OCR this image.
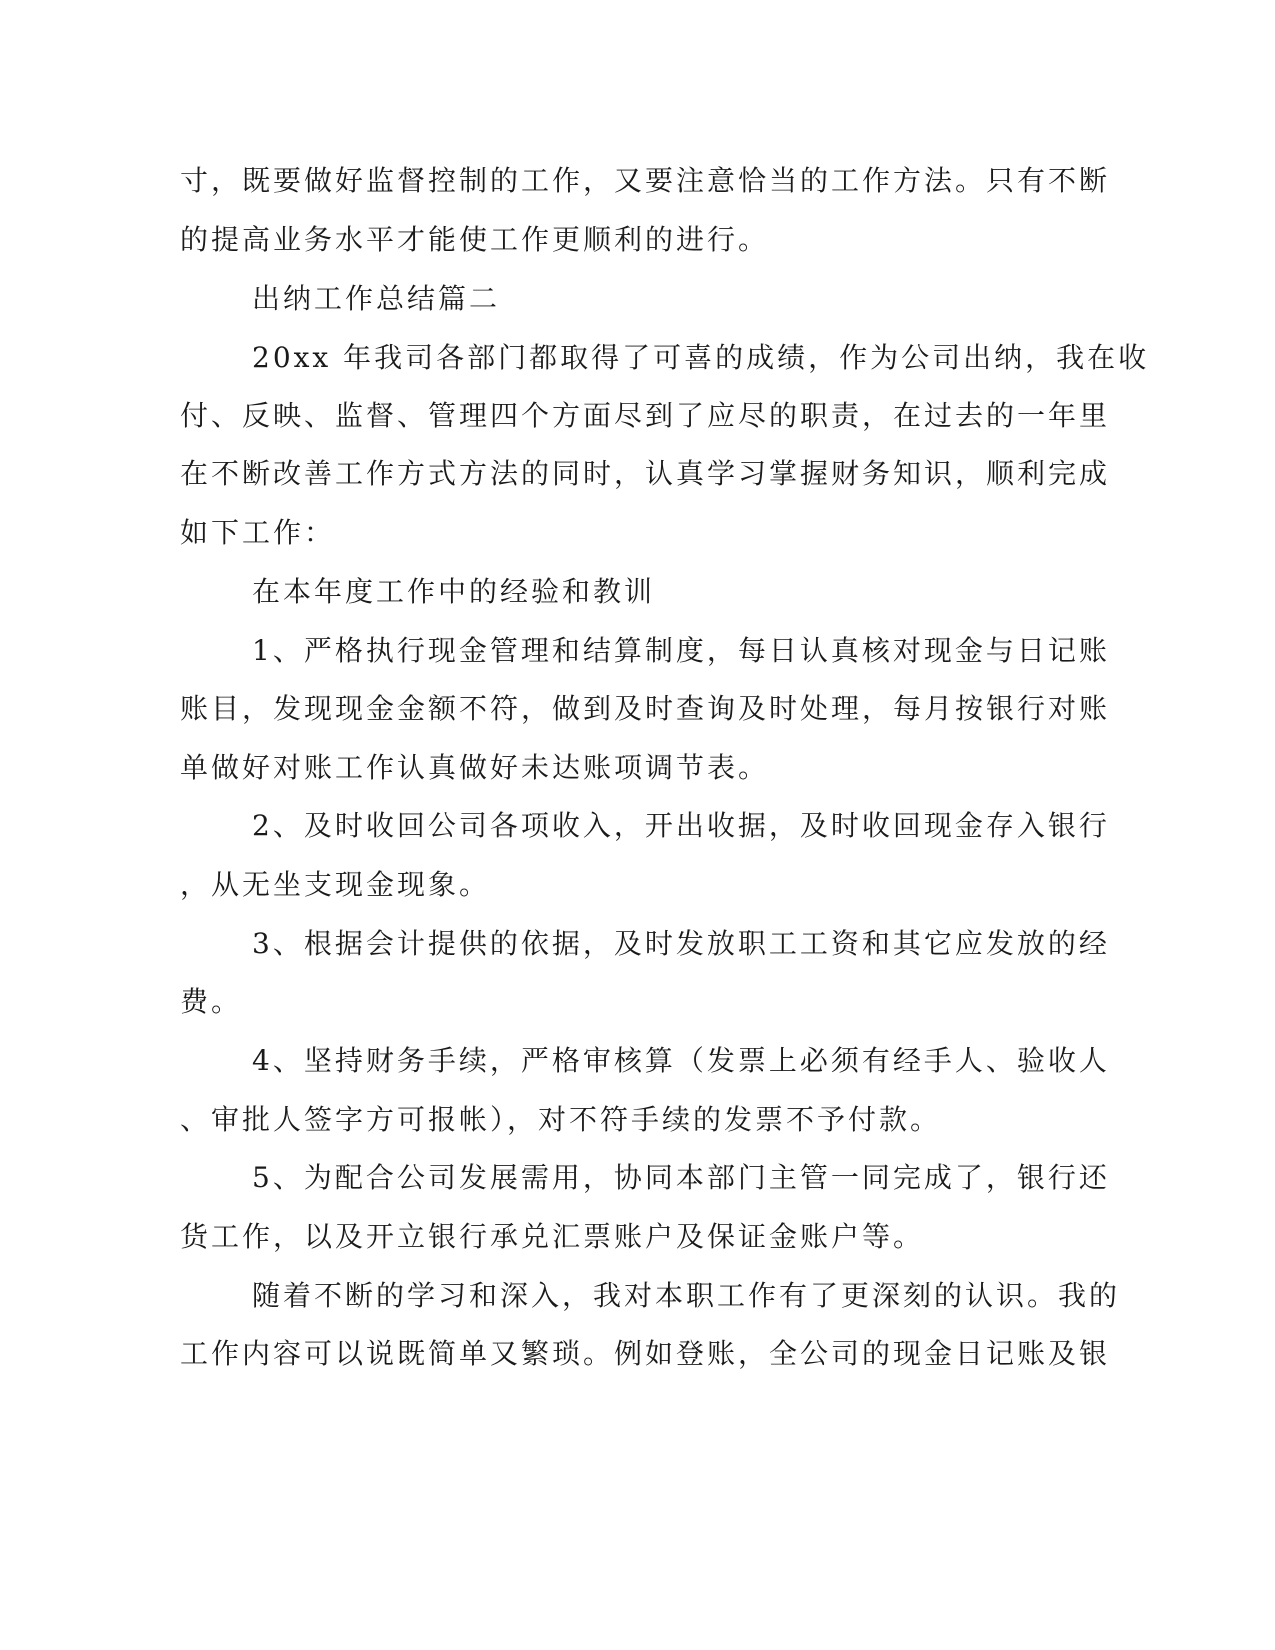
寸，既要做好监督控制的工作，又要注意恰当的工作方法。只有不断
的提高业务水平才能使工作更顺利的进行。
出纳工作总结篇二
20xx 年我司各部门都取得了可喜的成绩，作为公司出纳，我在收
付、反映、监督、管理四个方面尽到了应尽的职责，在过去的一年里
在不断改善工作方式方法的同时，认真学习掌握财务知识，顺利完成
如下工作：
在本年度工作中的经验和教训
1、严格执行现金管理和结算制度，每日认真核对现金与日记账
账目，发现现金金额不符，做到及时查询及时处理，每月按银行对账
单做好对账工作认真做好未达账项调节表。
2、及时收回公司各项收入，开出收据，及时收回现金存入银行
，从无坐支现金现象。
3、根据会计提供的依据，及时发放职工工资和其它应发放的经
费。
4、坚持财务手续，严格审核算（发票上必须有经手人、验收人
、审批人签字方可报帐），对不符手续的发票不予付款。
5、为配合公司发展需用，协同本部门主管一同完成了，银行还
货工作，以及开立银行承兑汇票账户及保证金账户等。
随着不断的学习和深入，我对本职工作有了更深刻的认识。我的
工作内容可以说既简单又繁琐。例如登账，全公司的现金日记账及银
